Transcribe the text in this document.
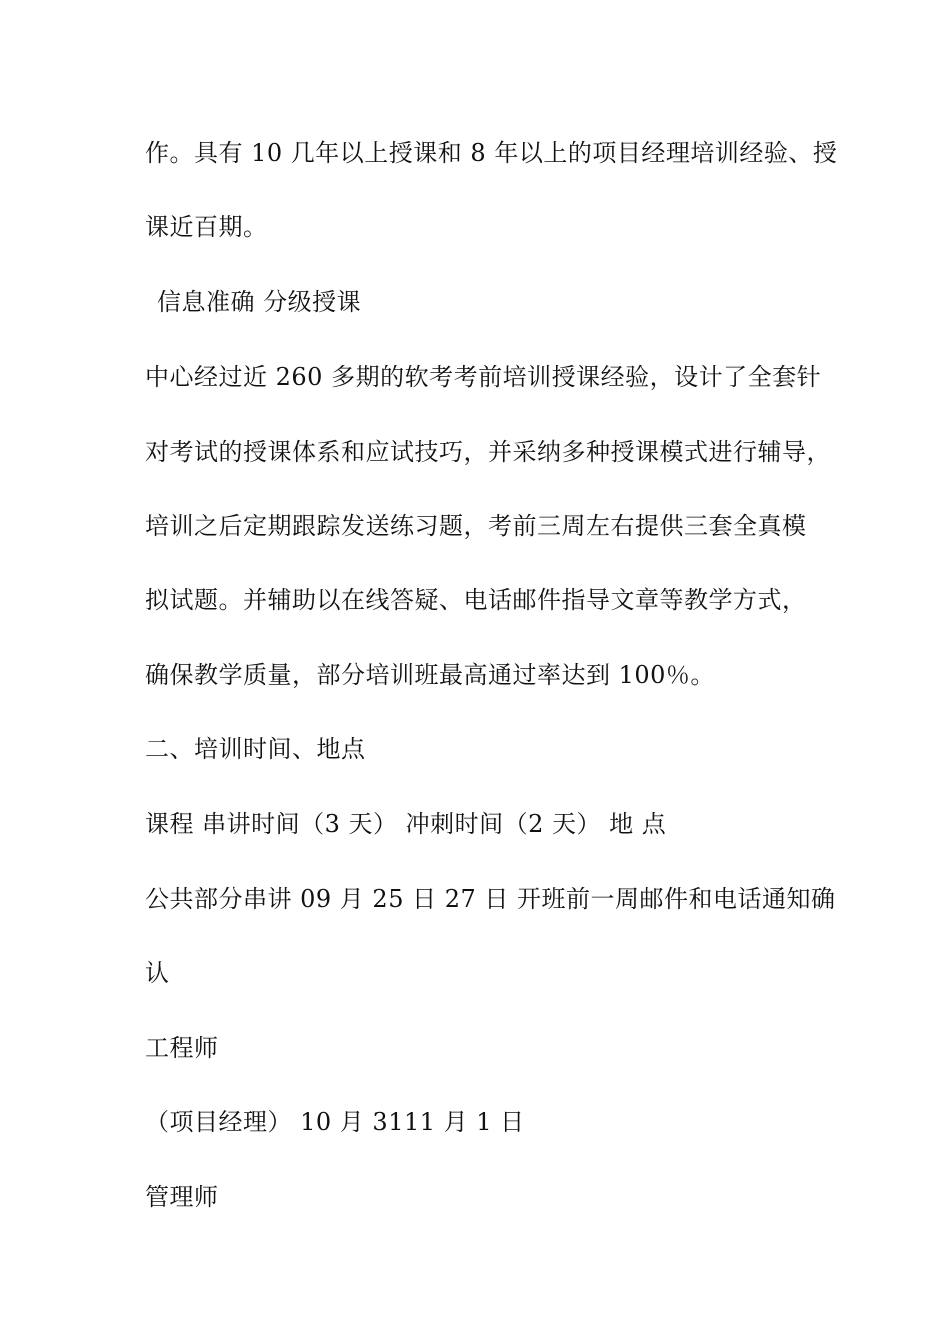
作。具有 10 几年以上授课和 8 年以上的项目经理培训经验、授
课近百期。
信息准确 分级授课
中心经过近 260 多期的软考考前培训授课经验，设计了全套针
对考试的授课体系和应试技巧，并采纳多种授课模式进行辅导，
培训之后定期跟踪发送练习题，考前三周左右提供三套全真模
拟试题。并辅助以在线答疑、电话邮件指导文章等教学方式，
确保教学质量，部分培训班最高通过率达到 100％。
二、培训时间、地点
课程 串讲时间（3 天） 冲刺时间（2 天） 地 点
公共部分串讲 09 月 25 日 27 日 开班前一周邮件和电话通知确
认
工程师
（项目经理） 10 月 3111 月 1 日
管理师
